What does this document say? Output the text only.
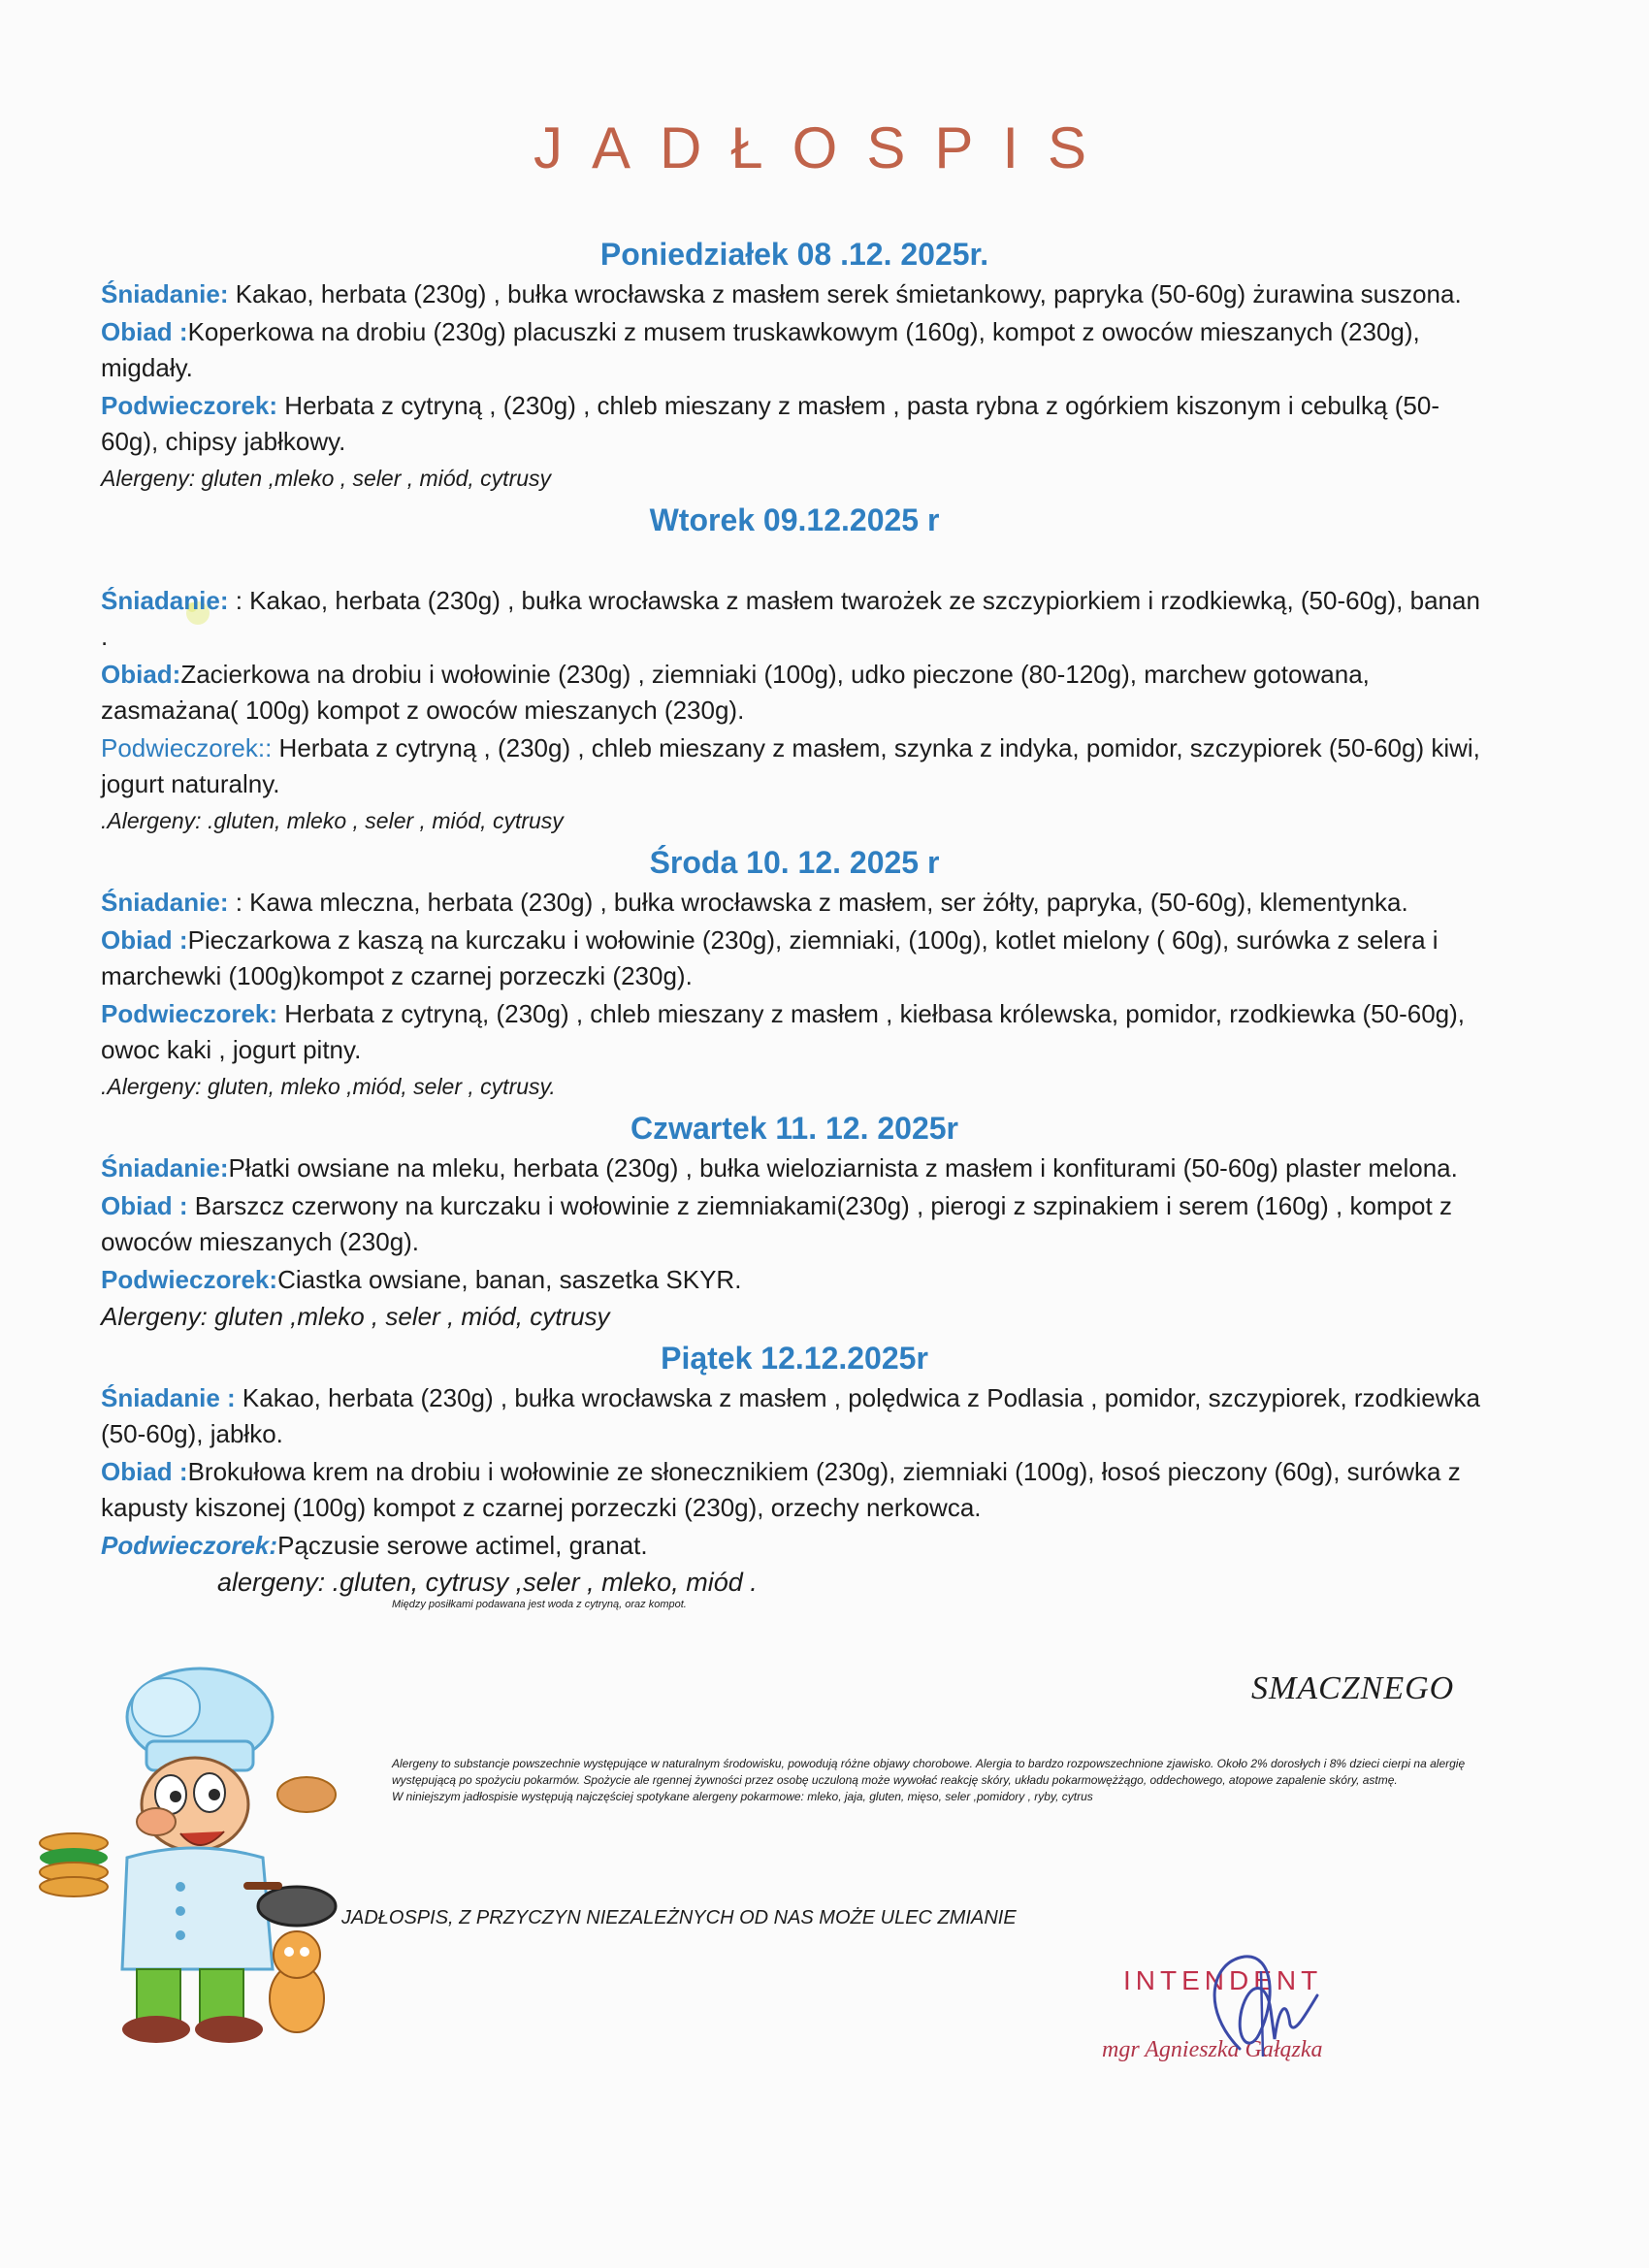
JADŁOSPIS
Poniedziałek 08 .12. 2025r.

Śniadanie: Kakao, herbata (230g) , bułka wrocławska z masłem serek śmietankowy, papryka (50-60g) żurawina suszona.

Obiad :Koperkowa na drobiu (230g) placuszki z musem truskawkowym (160g), kompot z owoców mieszanych (230g), migdały.

Podwieczorek: Herbata z cytryną , (230g) , chleb mieszany z masłem , pasta rybna z ogórkiem kiszonym i cebulką (50-60g), chipsy jabłkowy.

Alergeny: gluten ,mleko , seler , miód, cytrusy

Wtorek 09.12.2025 r

Śniadanie: : Kakao, herbata (230g) , bułka wrocławska z masłem twarożek ze szczypiorkiem i rzodkiewką, (50-60g), banan .

Obiad:Zacierkowa na drobiu i wołowinie (230g) , ziemniaki (100g), udko pieczone (80-120g), marchew gotowana, zasmażana( 100g) kompot z owoców mieszanych (230g).

Podwieczorek:: Herbata z cytryną , (230g) , chleb mieszany z masłem, szynka z indyka, pomidor, szczypiorek (50-60g) kiwi, jogurt naturalny.

.Alergeny: .gluten, mleko , seler , miód, cytrusy

Środa 10. 12. 2025 r

Śniadanie: : Kawa mleczna, herbata (230g) , bułka wrocławska z masłem, ser żółty, papryka, (50-60g), klementynka.

Obiad :Pieczarkowa z kaszą na kurczaku i wołowinie (230g), ziemniaki, (100g), kotlet mielony ( 60g), surówka z selera i marchewki (100g)kompot z czarnej porzeczki (230g).

Podwieczorek: Herbata z cytryną, (230g) , chleb mieszany z masłem , kiełbasa królewska, pomidor, rzodkiewka (50-60g), owoc kaki , jogurt pitny.

.Alergeny: gluten, mleko ,miód, seler , cytrusy.

Czwartek 11. 12. 2025r

Śniadanie:Płatki owsiane na mleku, herbata (230g) , bułka wieloziarnista z masłem i konfiturami (50-60g) plaster melona.

Obiad : Barszcz czerwony na kurczaku i wołowinie z ziemniakami(230g) , pierogi z szpinakiem i serem (160g) , kompot z owoców mieszanych (230g).

Podwieczorek:Ciastka owsiane, banan, saszetka SKYR.

Alergeny: gluten ,mleko , seler , miód, cytrusy

Piątek 12.12.2025r

Śniadanie : Kakao, herbata (230g) , bułka wrocławska z masłem , polędwica z Podlasia , pomidor, szczypiorek, rzodkiewka (50-60g), jabłko.

Obiad :Brokułowa krem na drobiu i wołowinie ze słonecznikiem (230g), ziemniaki (100g), łosoś pieczony (60g), surówka z kapusty kiszonej (100g) kompot z czarnej porzeczki (230g), orzechy nerkowca.

Podwieczorek:Pączusie serowe actimel, granat.

alergeny: .gluten, cytrusy ,seler , mleko, miód .

Między posiłkami podawana jest woda z cytryną, oraz kompot.

SMACZNEGO
Alergeny to substancje powszechnie występujące w naturalnym środowisku, powodują różne objawy chorobowe. Alergia to bardzo rozpowszechnione zjawisko. Około 2% dorosłych i 8% dzieci cierpi na alergię występującą po spożyciu pokarmów. Spożycie ale rgennej żywności przez osobę uczuloną może wywołać reakcję skóry, układu pokarmowężżągo, oddechowego, atopowe zapalenie skóry, astmę.
W niniejszym jadłospisie występują najczęściej spotykane alergeny pokarmowe: mleko, jaja, gluten, mięso, seler ,pomidory , ryby, cytrus
JADŁOSPIS, Z PRZYCZYN NIEZALEŻNYCH OD NAS MOŻE ULEC ZMIANIE
INTENDENT
mgr Agnieszka Gałązka
